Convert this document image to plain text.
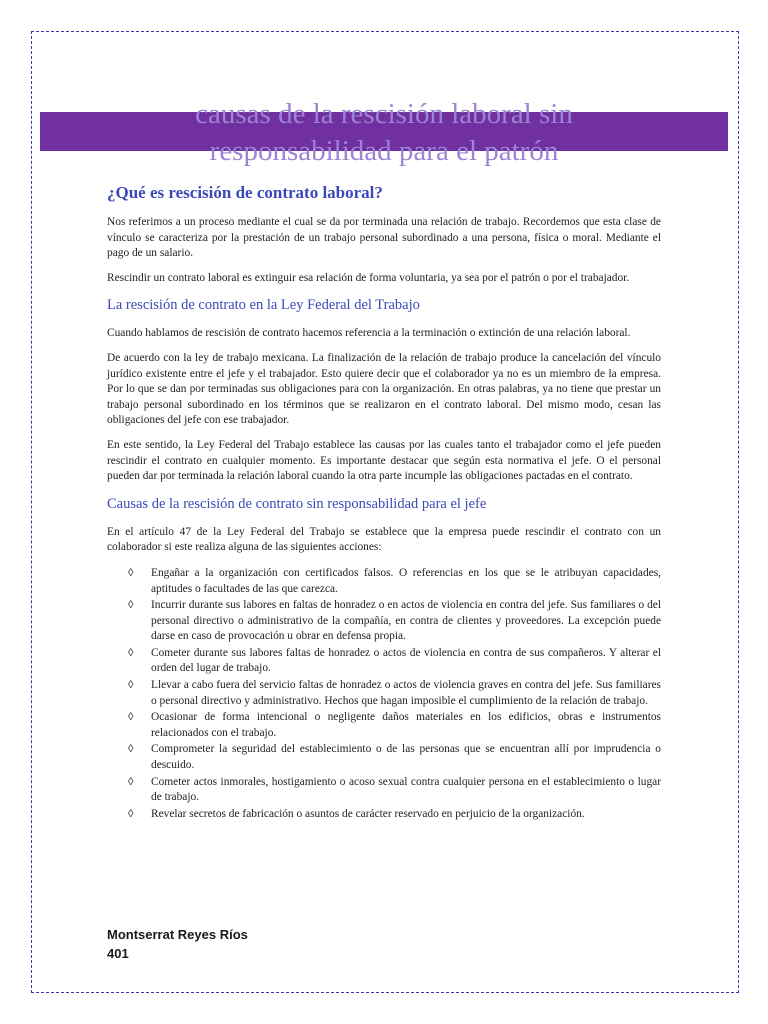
causas de la rescisión laboral sin
responsabilidad para el patrón
¿Qué es rescisión de contrato laboral?

Nos referimos a un proceso mediante el cual se da por terminada una relación de trabajo. Recordemos que esta clase de vínculo se caracteriza por la prestación de un trabajo personal subordinado a una persona, física o moral. Mediante el pago de un salario.

Rescindir un contrato laboral es extinguir esa relación de forma voluntaria, ya sea por el patrón o por el trabajador.

La rescisión de contrato en la Ley Federal del Trabajo

Cuando hablamos de rescisión de contrato hacemos referencia a la terminación o extinción de una relación laboral.

De acuerdo con la ley de trabajo mexicana. La finalización de la relación de trabajo produce la cancelación del vínculo jurídico existente entre el jefe y el trabajador. Esto quiere decir que el colaborador ya no es un miembro de la empresa. Por lo que se dan por terminadas sus obligaciones para con la organización. En otras palabras, ya no tiene que prestar un trabajo personal subordinado en los términos que se realizaron en el contrato laboral. Del mismo modo, cesan las obligaciones del jefe con ese trabajador.

En este sentido, la Ley Federal del Trabajo establece las causas por las cuales tanto el trabajador como el jefe pueden rescindir el contrato en cualquier momento. Es importante destacar que según esta normativa el jefe. O el personal pueden dar por terminada la relación laboral cuando la otra parte incumple las obligaciones pactadas en el contrato.

Causas de la rescisión de contrato sin responsabilidad para el jefe

En el artículo 47 de la Ley Federal del Trabajo se establece que la empresa puede rescindir el contrato con un colaborador si este realiza alguna de las siguientes acciones:

◊ Engañar a la organización con certificados falsos. O referencias en los que se le atribuyan capacidades, aptitudes o facultades de las que carezca.
◊ Incurrir durante sus labores en faltas de honradez o en actos de violencia en contra del jefe. Sus familiares o del personal directivo o administrativo de la compañía, en contra de clientes y proveedores. La excepción puede darse en caso de provocación u obrar en defensa propia.
◊ Cometer durante sus labores faltas de honradez o actos de violencia en contra de sus compañeros. Y alterar el orden del lugar de trabajo.
◊ Llevar a cabo fuera del servicio faltas de honradez o actos de violencia graves en contra del jefe. Sus familiares o personal directivo y administrativo. Hechos que hagan imposible el cumplimiento de la relación de trabajo.
◊ Ocasionar de forma intencional o negligente daños materiales en los edificios, obras e instrumentos relacionados con el trabajo.
◊ Comprometer la seguridad del establecimiento o de las personas que se encuentran allí por imprudencia o descuido.
◊ Cometer actos inmorales, hostigamiento o acoso sexual contra cualquier persona en el establecimiento o lugar de trabajo.
◊ Revelar secretos de fabricación o asuntos de carácter reservado en perjuicio de la organización.
Montserrat Reyes Ríos
401
